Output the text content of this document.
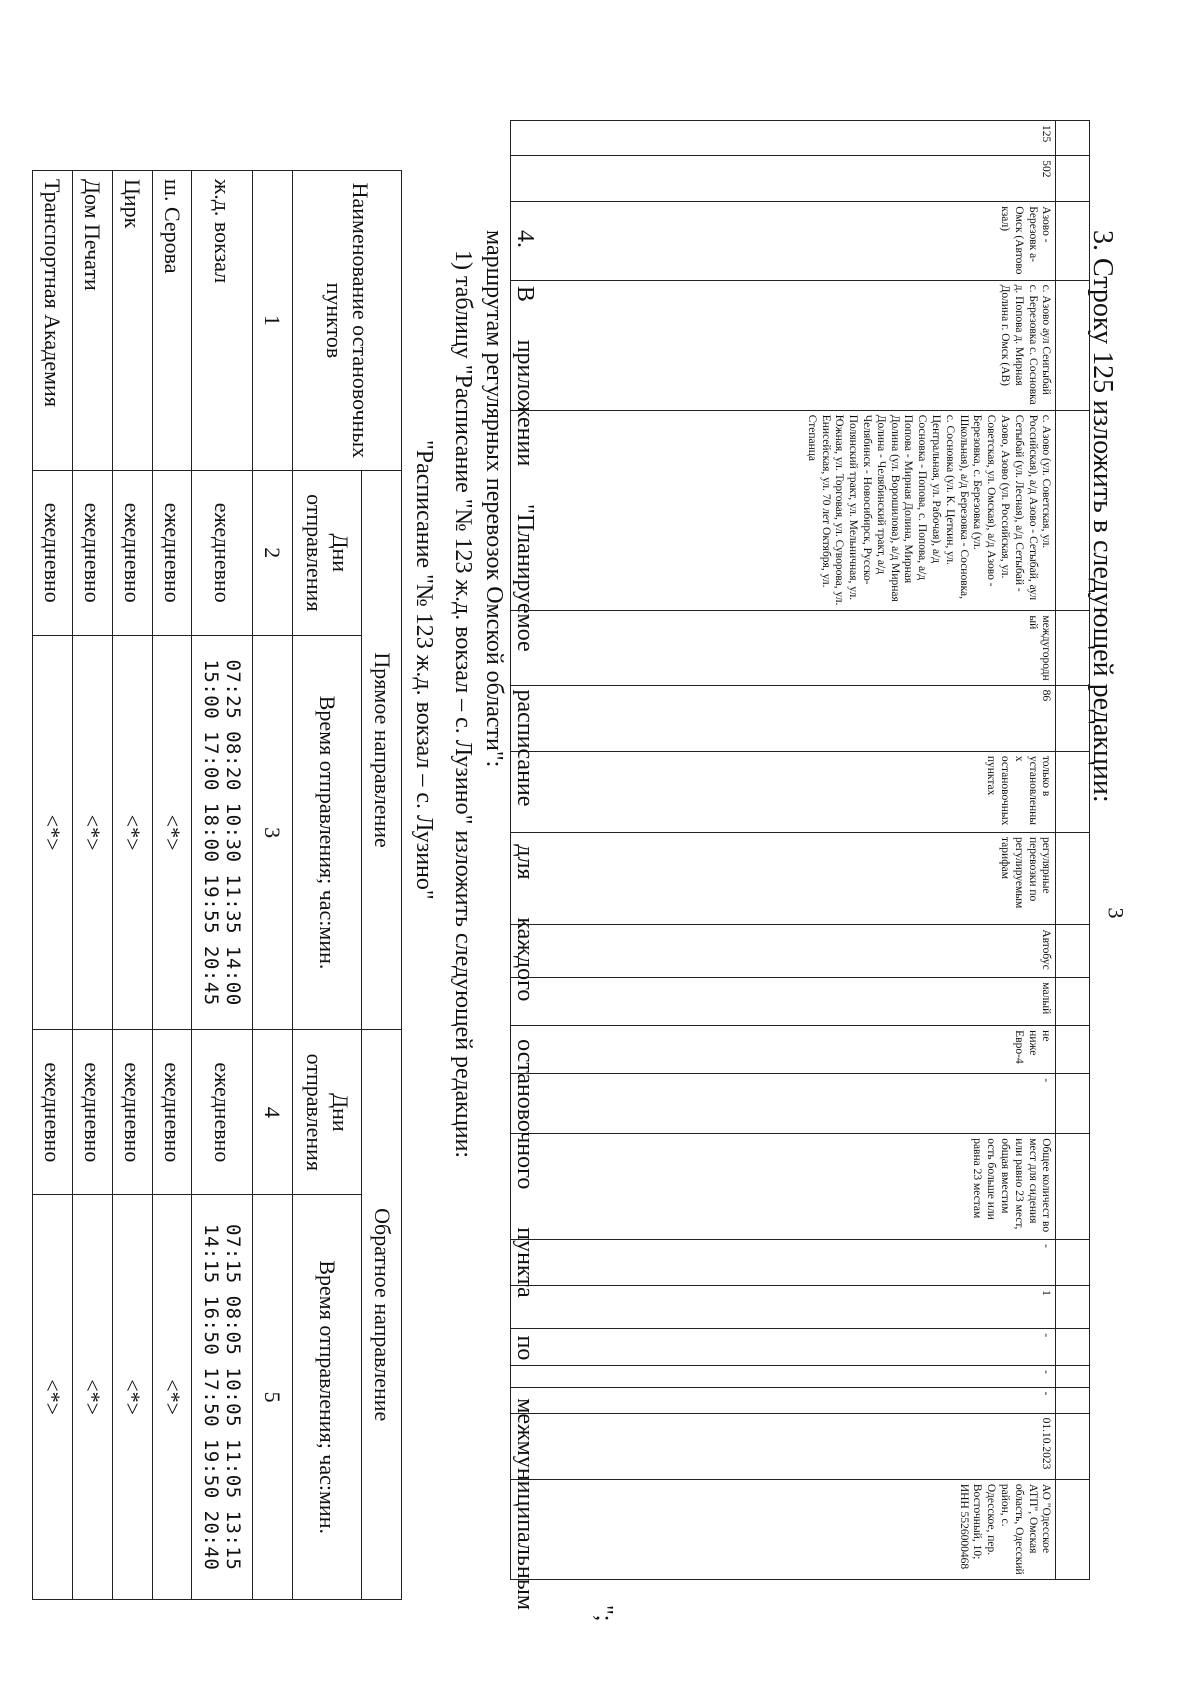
3
3. Строку 125 изложить в следующей редакции:

125	502	Азово - Березовк а- Омск (Автово кзал)	с. Азово аул Сеигыбай с. Березовка с. Сосновка д. Попова д. Мирная Долина г. Омск (АВ)	с. Азово (ул. Советская, ул. Российская), а/д Азово - Сетыбай, аул Сетыбай (ул. Лесная), а/д Сетыбай - Азово, Азово (ул. Российская, ул. Советская, ул. Омская), а/д Азово - Березовка, с. Березовка (ул. Школьная), а/д Березовка - Сосновка, с. Сосновка (ул. К. Цеткин, ул. Центральная, ул. Рабочая), а/д Сосновка - Попова, с. Попова, а/д Попова - Мирная Долина, Мирная Долина (ул. Ворошилова), а/д Мирная Долина - Челябинский тракт, а/д Челябинск - Новосибирск, Русско-Полянский тракт, ул. Мельничная, ул. Южная, ул. Торговая, ул. Суворова, ул. Енисейская, ул. 70 лет Октября, ул. Степанца	междугородн ый	86	только в установленны х остановочных пунктах	регулярные перевозки по регулируемым тарифам	Автобус	малый	не ниже Евро-4	-	Общее количест во мест для сидения или равно 23 мест, общая вместим ость больше или равна 23 местам	-	1	-	-	-	01.10.2023	АО "Одесское АТП", Омская область, Одесский район, с. Одесское, пер. Восточный, 10; ИНН 5526000468
";
4. В приложении "Планируемое расписание для каждого остановочного пункта по межмуниципальным
маршрутам регулярных перевозок Омской области":
1) таблицу "Расписание "№ 123 ж.д. вокзал – с. Лузино" изложить следующей редакции:
"Расписание "№ 123 ж.д. вокзал – с. Лузино"
Наименование остановочных пунктов	Прямое направление		Обратное направление	
	Дни отправления	Время отправления; час:мин.	Дни отправления	Время отправления; час:мин.
1	2	3	4	5
ж.д. вокзал	ежедневно	07:25 08:20 10:30 11:35 14:00 15:00 17:00 18:00 19:55 20:45	ежедневно	07:15 08:05 10:05 11:05 13:15 14:15 16:50 17:50 19:50 20:40
ш. Серова	ежедневно	<*>	ежедневно	<*>
Цирк	ежедневно	<*>	ежедневно	<*>
Дом Печати	ежедневно	<*>	ежедневно	<*>
Транспортная Академия	ежедневно	<*>	ежедневно	<*>
